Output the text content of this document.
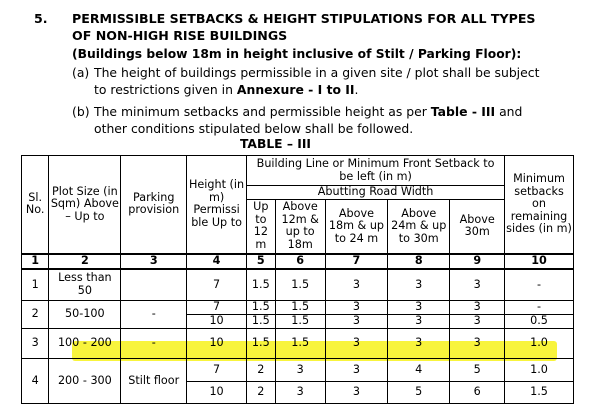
5. PERMISSIBLE SETBACKS & HEIGHT STIPULATIONS FOR ALL TYPES
OF NON-HIGH RISE BUILDINGS
(Buildings below 18m in height inclusive of Stilt / Parking Floor):
(a) The height of buildings permissible in a given site / plot shall be subject
to restrictions given in Annexure - I to II.
(b) The minimum setbacks and permissible height as per Table - III and
other conditions stipulated below shall be followed.
TABLE – III
Sl. No.	Plot Size (in Sqm) Above – Up to	Parking provision	Height (in m) Permissi ble Up to	Building Line or Minimum Front Setback to be left (in m)					Minimum setbacks on remaining sides (in m)
				Abutting Road Width					
				Up to 12 m	Above 12m & up to 18m	Above 18m & up to 24 m	Above 24m & up to 30m	Above 30m	
1	2	3	4	5	6	7	8	9	10
1	Less than 50		7	1.5	1.5	3	3	3	-
2	50-100	-	7	1.5	1.5	3	3	3	-
			10	1.5	1.5	3	3	3	0.5
3	100 - 200	-	10	1.5	1.5	3	3	3	1.0
4	200 - 300	Stilt floor	7	2	3	3	4	5	1.0
			10	2	3	3	5	6	1.5
